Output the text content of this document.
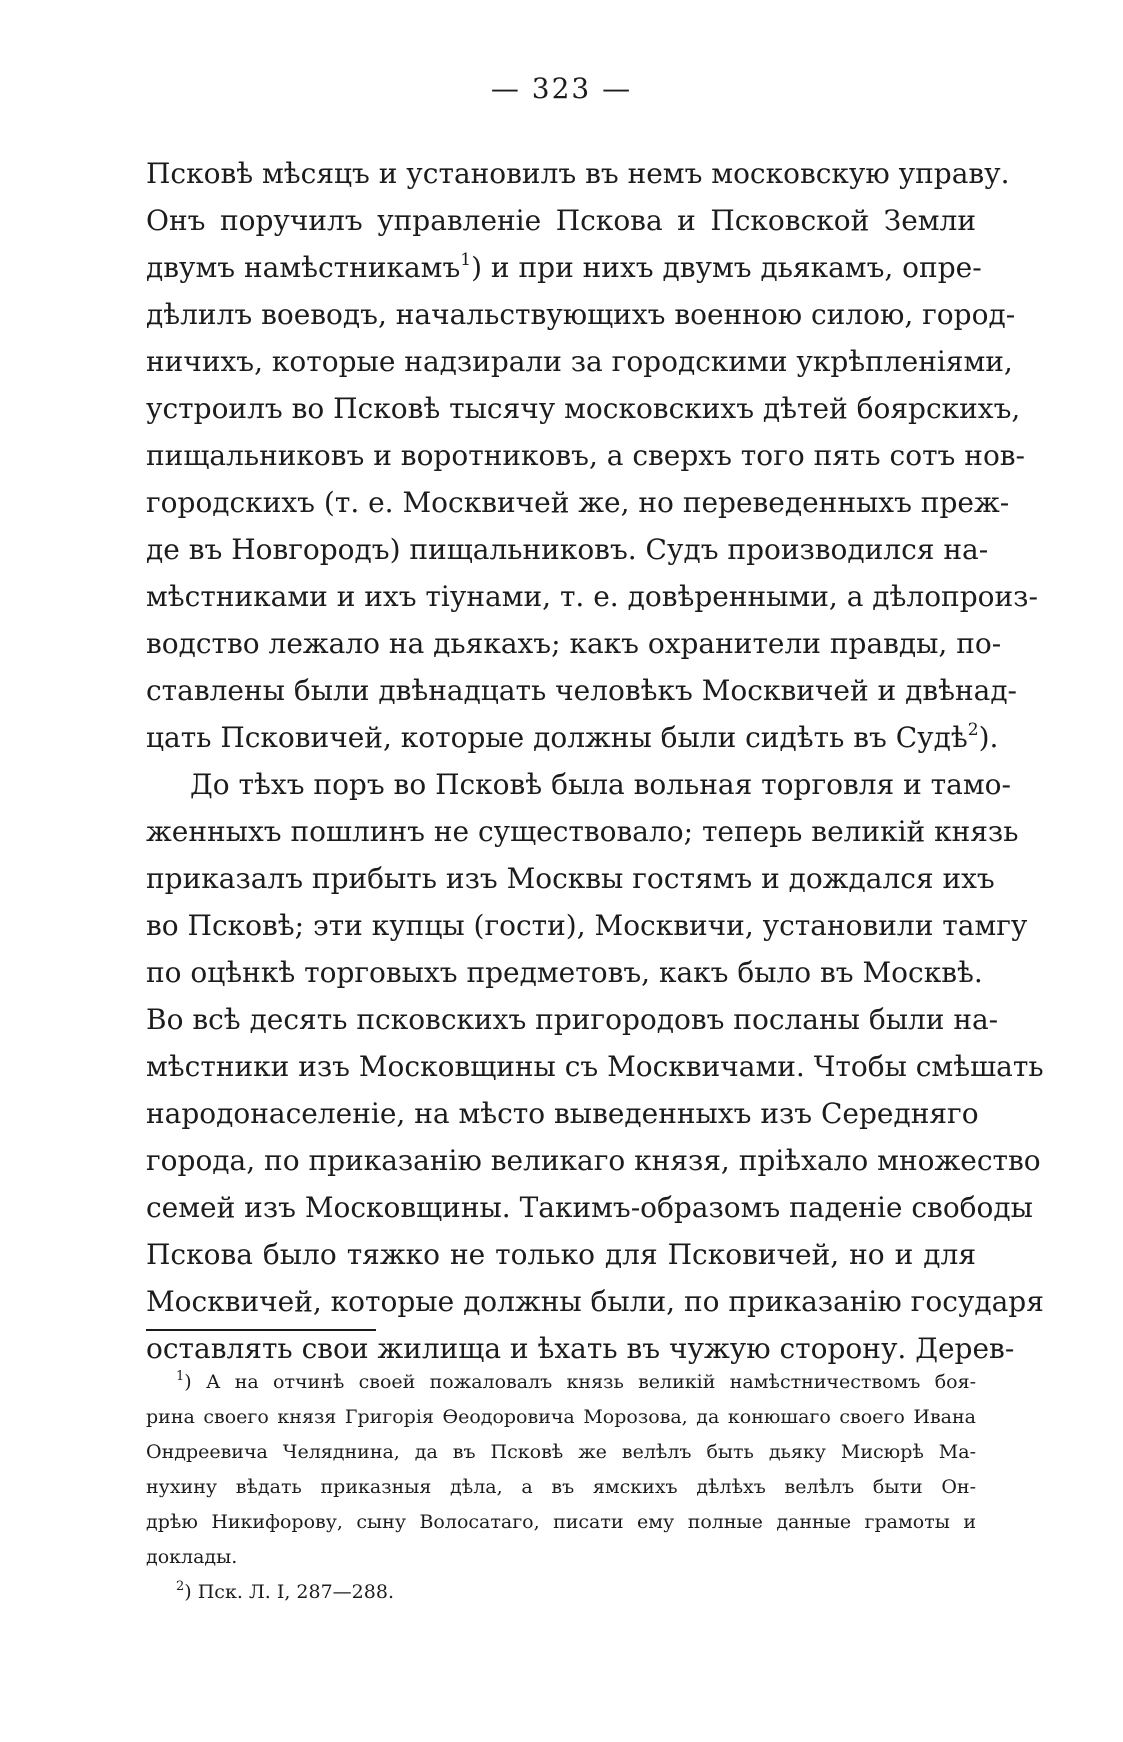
— 323 —
Псковѣ мѣсяцъ и установилъ въ немъ московскую управу.
Онъ поручилъ управленіе Пскова и Псковской Земли
двумъ намѣстникамъ$^1$) и при нихъ двумъ дьякамъ, опре-
дѣлилъ воеводъ, начальствующихъ военною силою, город-
ничихъ, которые надзирали за городскими укрѣпленіями,
устроилъ во Псковѣ тысячу московскихъ дѣтей боярскихъ,
пищальниковъ и воротниковъ, а сверхъ того пять сотъ нов-
городскихъ (т. е. Москвичей же, но переведенныхъ преж-
де въ Новгородъ) пищальниковъ. Судъ производился на-
мѣстниками и ихъ тіунами, т. е. довѣренными, а дѣлопроиз-
водство лежало на дьякахъ; какъ охранители правды, по-
ставлены были двѣнадцать человѣкъ Москвичей и двѣнад-
цать Псковичей, которые должны были сидѣть въ Судѣ$^2$).
До тѣхъ поръ во Псковѣ была вольная торговля и тамо-
женныхъ пошлинъ не существовало; теперь великій князь
приказалъ прибыть изъ Москвы гостямъ и дождался ихъ
во Псковѣ; эти купцы (гости), Москвичи, установили тамгу
по оцѣнкѣ торговыхъ предметовъ, какъ было въ Москвѣ.
Во всѣ десять псковскихъ пригородовъ посланы были на-
мѣстники изъ Московщины съ Москвичами. Чтобы смѣшать
народонаселеніе, на мѣсто выведенныхъ изъ Середняго
города, по приказанію великаго князя, пріѣхало множество
семей изъ Московщины. Такимъ-образомъ паденіе свободы
Пскова было тяжко не только для Псковичей, но и для
Москвичей, которые должны были, по приказанію государя
оставлять свои жилища и ѣхать въ чужую сторону. Дерев-
$^1$) А на отчинѣ своей пожаловалъ князь великій намѣстничествомъ боя-
рина своего князя Григорія Ѳеодоровича Морозова, да конюшаго своего Ивана
Ондреевича Челяднина, да въ Псковѣ же велѣлъ быть дьяку Мисюрѣ Ма-
нухину вѣдать приказныя дѣла, а въ ямскихъ дѣлѣхъ велѣлъ быти Он-
дрѣю Никифорову, сыну Волосатаго, писати ему полные данные грамоты и
доклады.
$^2$) Пск. Л. I, 287—288.
